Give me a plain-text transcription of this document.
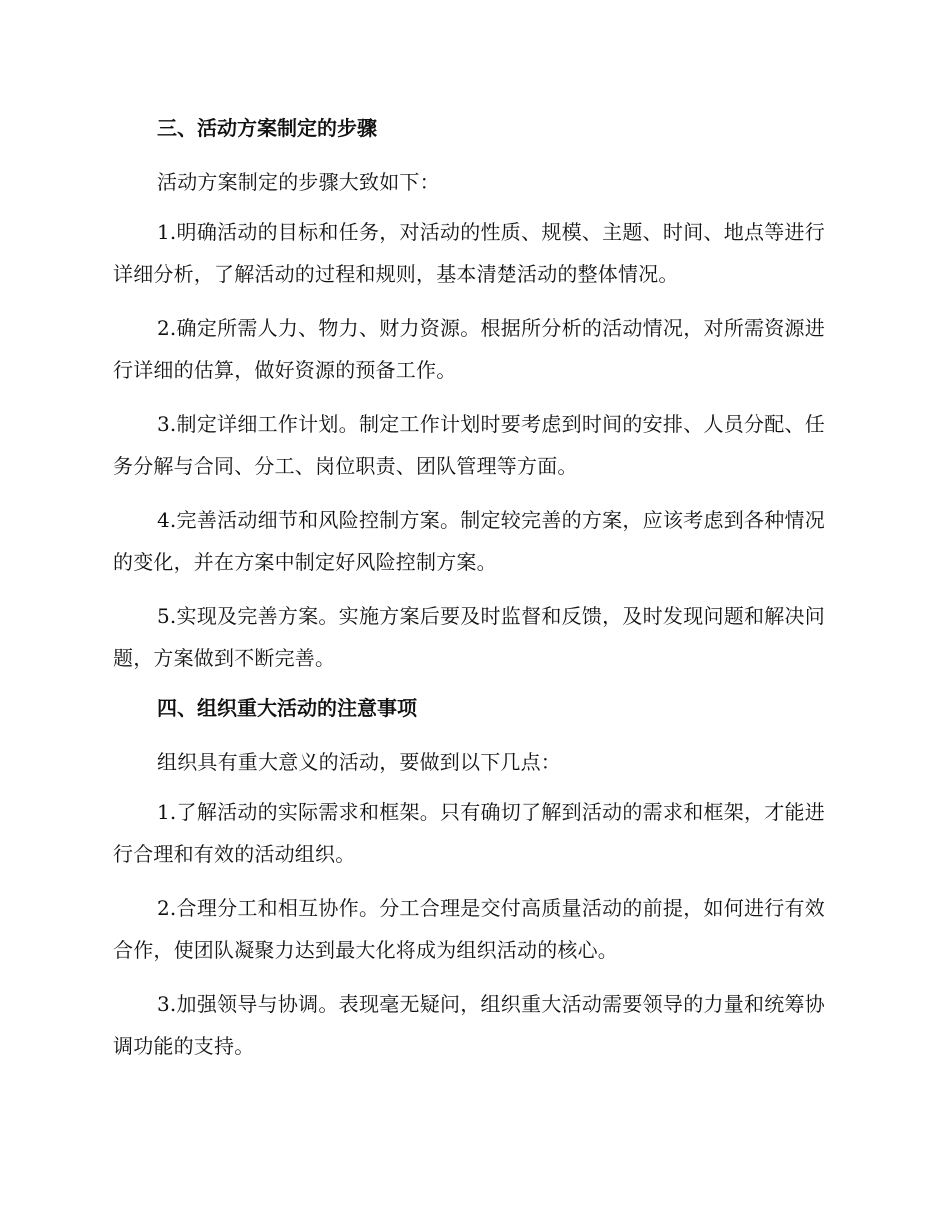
三、活动方案制定的步骤

活动方案制定的步骤大致如下：

1.明确活动的目标和任务，对活动的性质、规模、主题、时间、地点等进行详细分析，了解活动的过程和规则，基本清楚活动的整体情况。

2.确定所需人力、物力、财力资源。根据所分析的活动情况，对所需资源进行详细的估算，做好资源的预备工作。

3.制定详细工作计划。制定工作计划时要考虑到时间的安排、人员分配、任务分解与合同、分工、岗位职责、团队管理等方面。

4.完善活动细节和风险控制方案。制定较完善的方案，应该考虑到各种情况的变化，并在方案中制定好风险控制方案。

5.实现及完善方案。实施方案后要及时监督和反馈，及时发现问题和解决问题，方案做到不断完善。

四、组织重大活动的注意事项

组织具有重大意义的活动，要做到以下几点：

1.了解活动的实际需求和框架。只有确切了解到活动的需求和框架，才能进行合理和有效的活动组织。

2.合理分工和相互协作。分工合理是交付高质量活动的前提，如何进行有效合作，使团队凝聚力达到最大化将成为组织活动的核心。

3.加强领导与协调。表现毫无疑问，组织重大活动需要领导的力量和统筹协调功能的支持。
